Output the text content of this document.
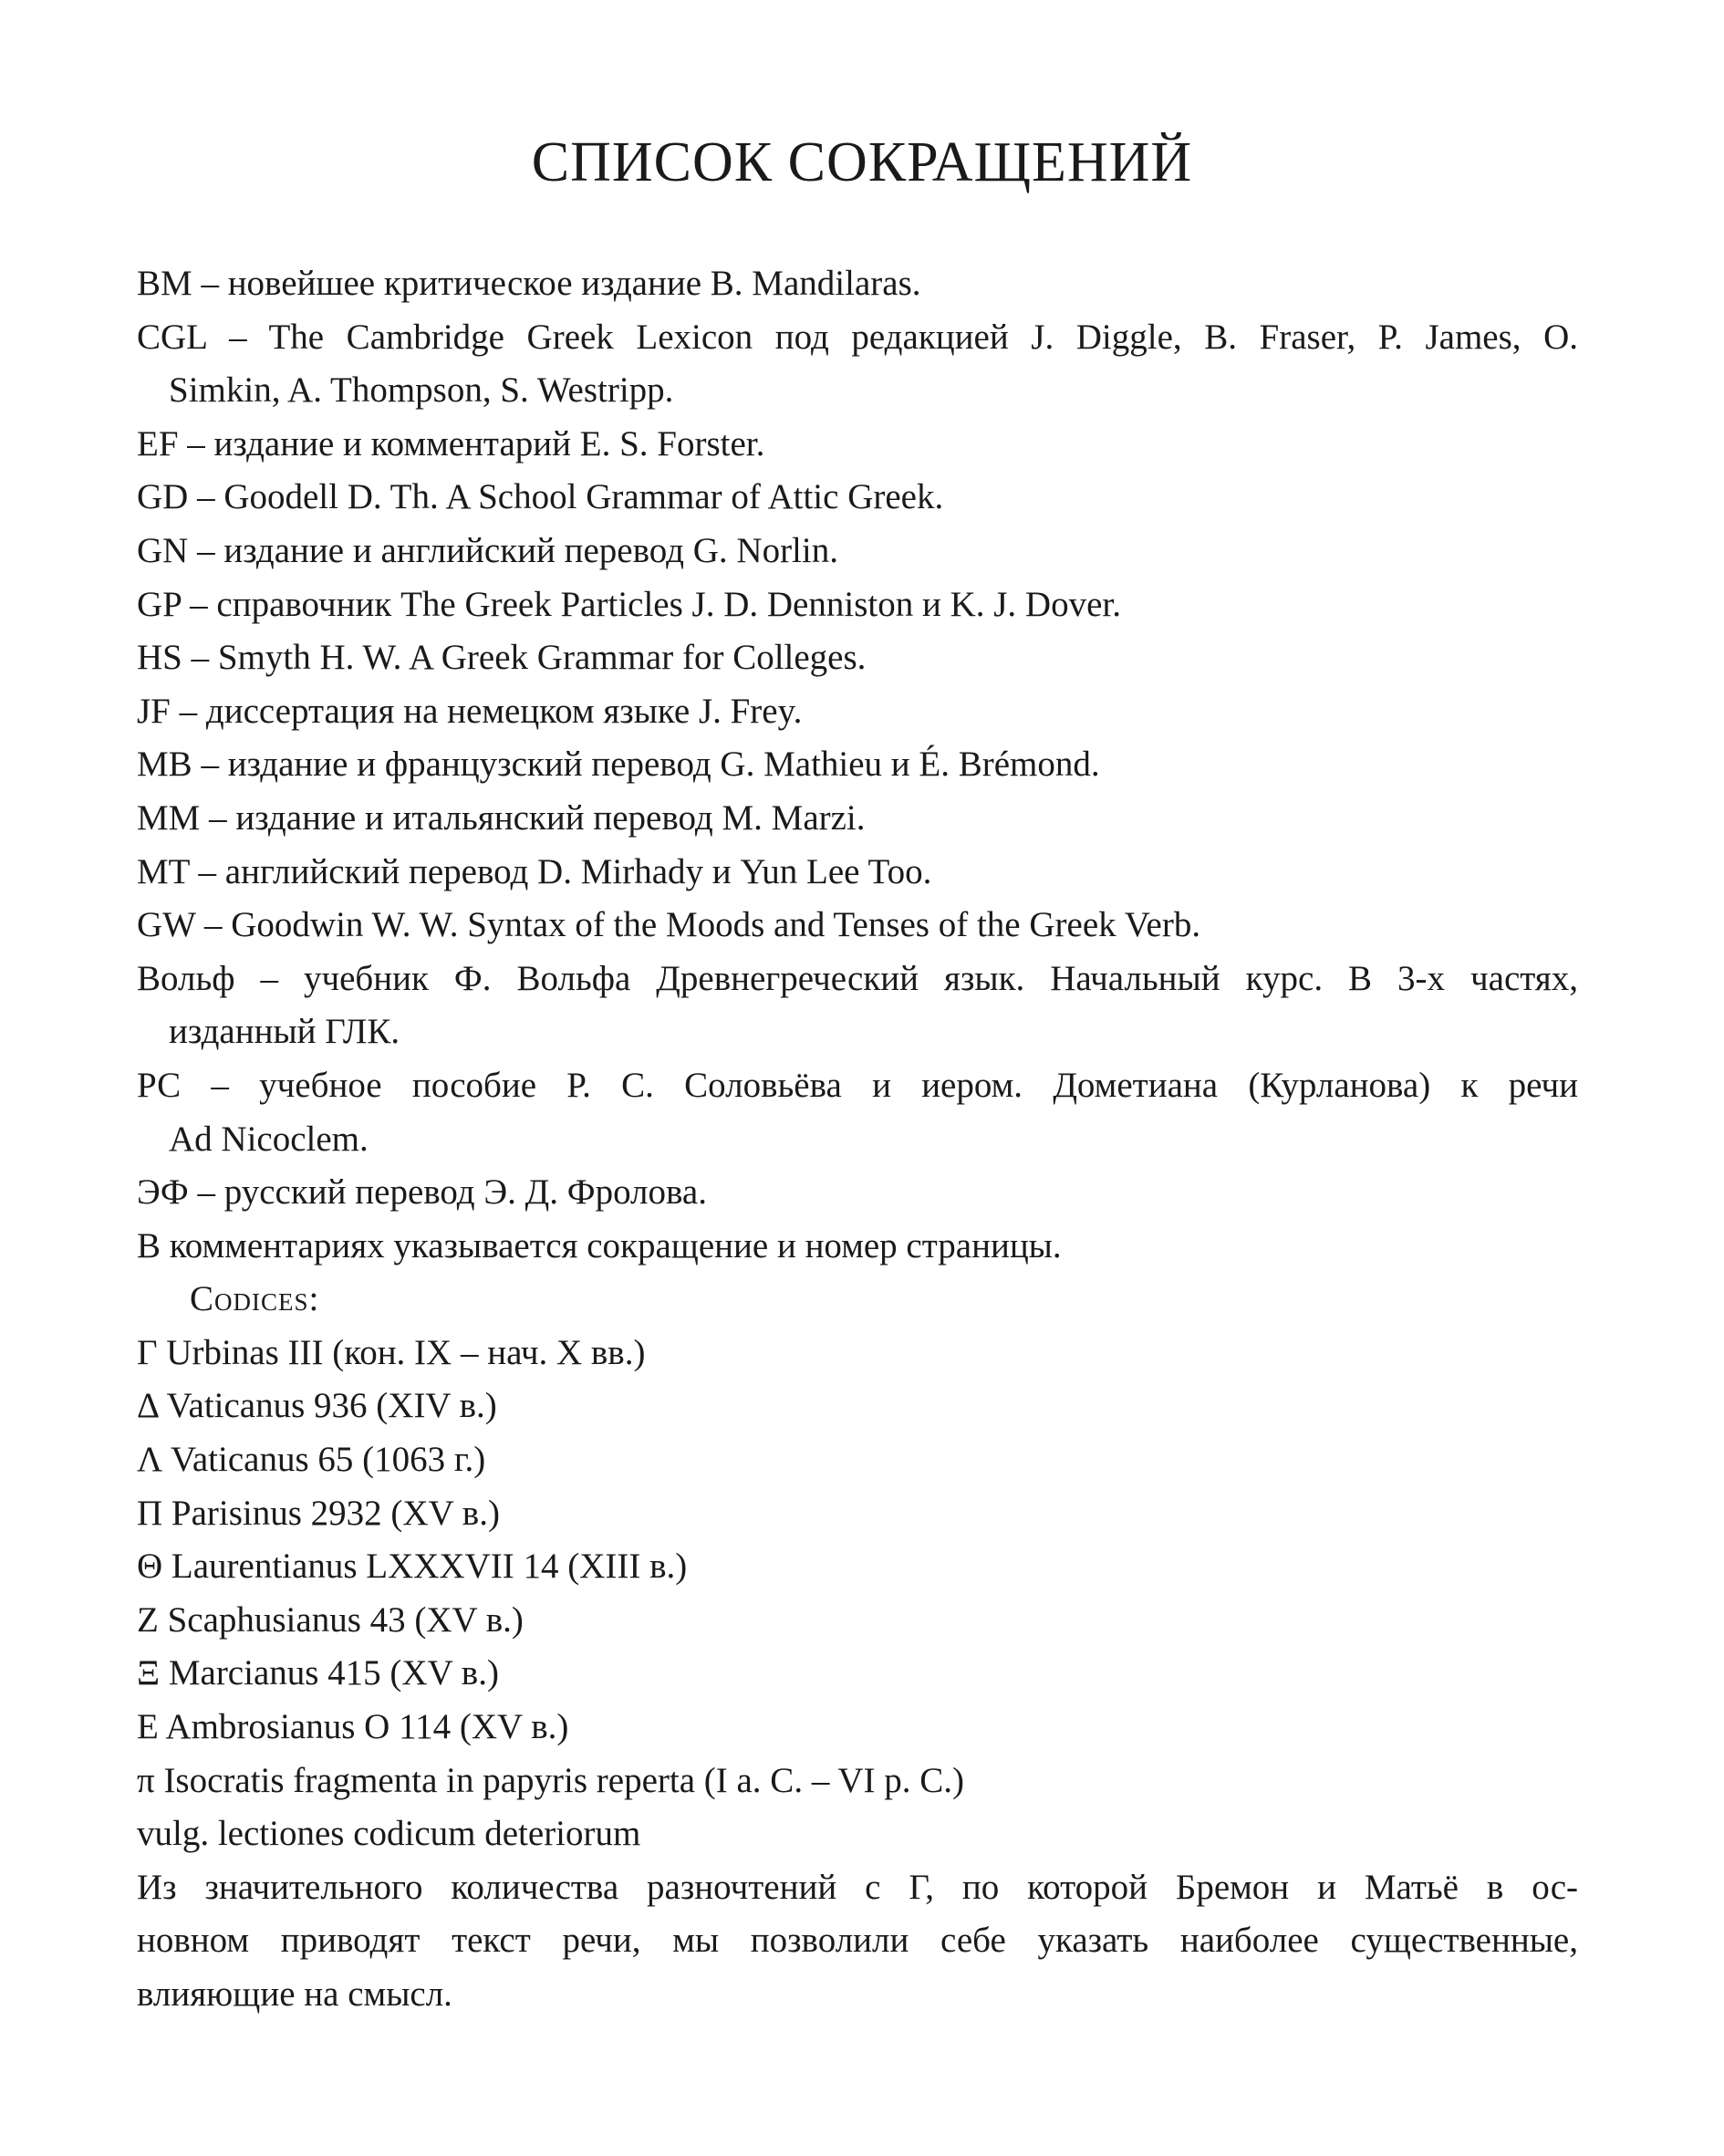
СПИСОК СОКРАЩЕНИЙ
BM – новейшее критическое издание B. Mandilaras.
CGL – The Cambridge Greek Lexicon под редакцией J. Diggle, B. Fraser, P. James, O.
Simkin, A. Thompson, S. Westripp.
EF – издание и комментарий E. S. Forster.
GD – Goodell D. Th. A School Grammar of Attic Greek.
GN – издание и английский перевод G. Norlin.
GP – справочник The Greek Particles J. D. Denniston и K. J. Dover.
HS – Smyth H. W. A Greek Grammar for Colleges.
JF – диссертация на немецком языке J. Frey.
MB – издание и французский перевод G. Mathieu и É. Brémond.
MM – издание и итальянский перевод M. Marzi.
MT – английский перевод D. Mirhady и Yun Lee Too.
GW – Goodwin W. W. Syntax of the Moods and Tenses of the Greek Verb.
Вольф – учебник Ф. Вольфа Древнегреческий язык. Начальный курс. В 3-х частях,
изданный ГЛК.
РС – учебное пособие Р. С. Соловьёва и иером. Дометиана (Курланова) к речи
Ad Nicoclem.
ЭФ – русский перевод Э. Д. Фролова.
В комментариях указывается сокращение и номер страницы.
Codices:
Γ Urbinas III (кон. IX – нач. X вв.)
Δ Vaticanus 936 (XIV в.)
Λ Vaticanus 65 (1063 г.)
Π Parisinus 2932 (XV в.)
Θ Laurentianus LXXXVII 14 (XIII в.)
Z Scaphusianus 43 (XV в.)
Ξ Marcianus 415 (XV в.)
E Ambrosianus O 114 (XV в.)
π Isocratis fragmenta in papyris reperta (I a. C. – VI p. C.)
vulg. lectiones codicum deteriorum
Из значительного количества разночтений с Γ, по которой Бремон и Матьё в ос-
новном приводят текст речи, мы позволили себе указать наиболее существенные,
влияющие на смысл.
